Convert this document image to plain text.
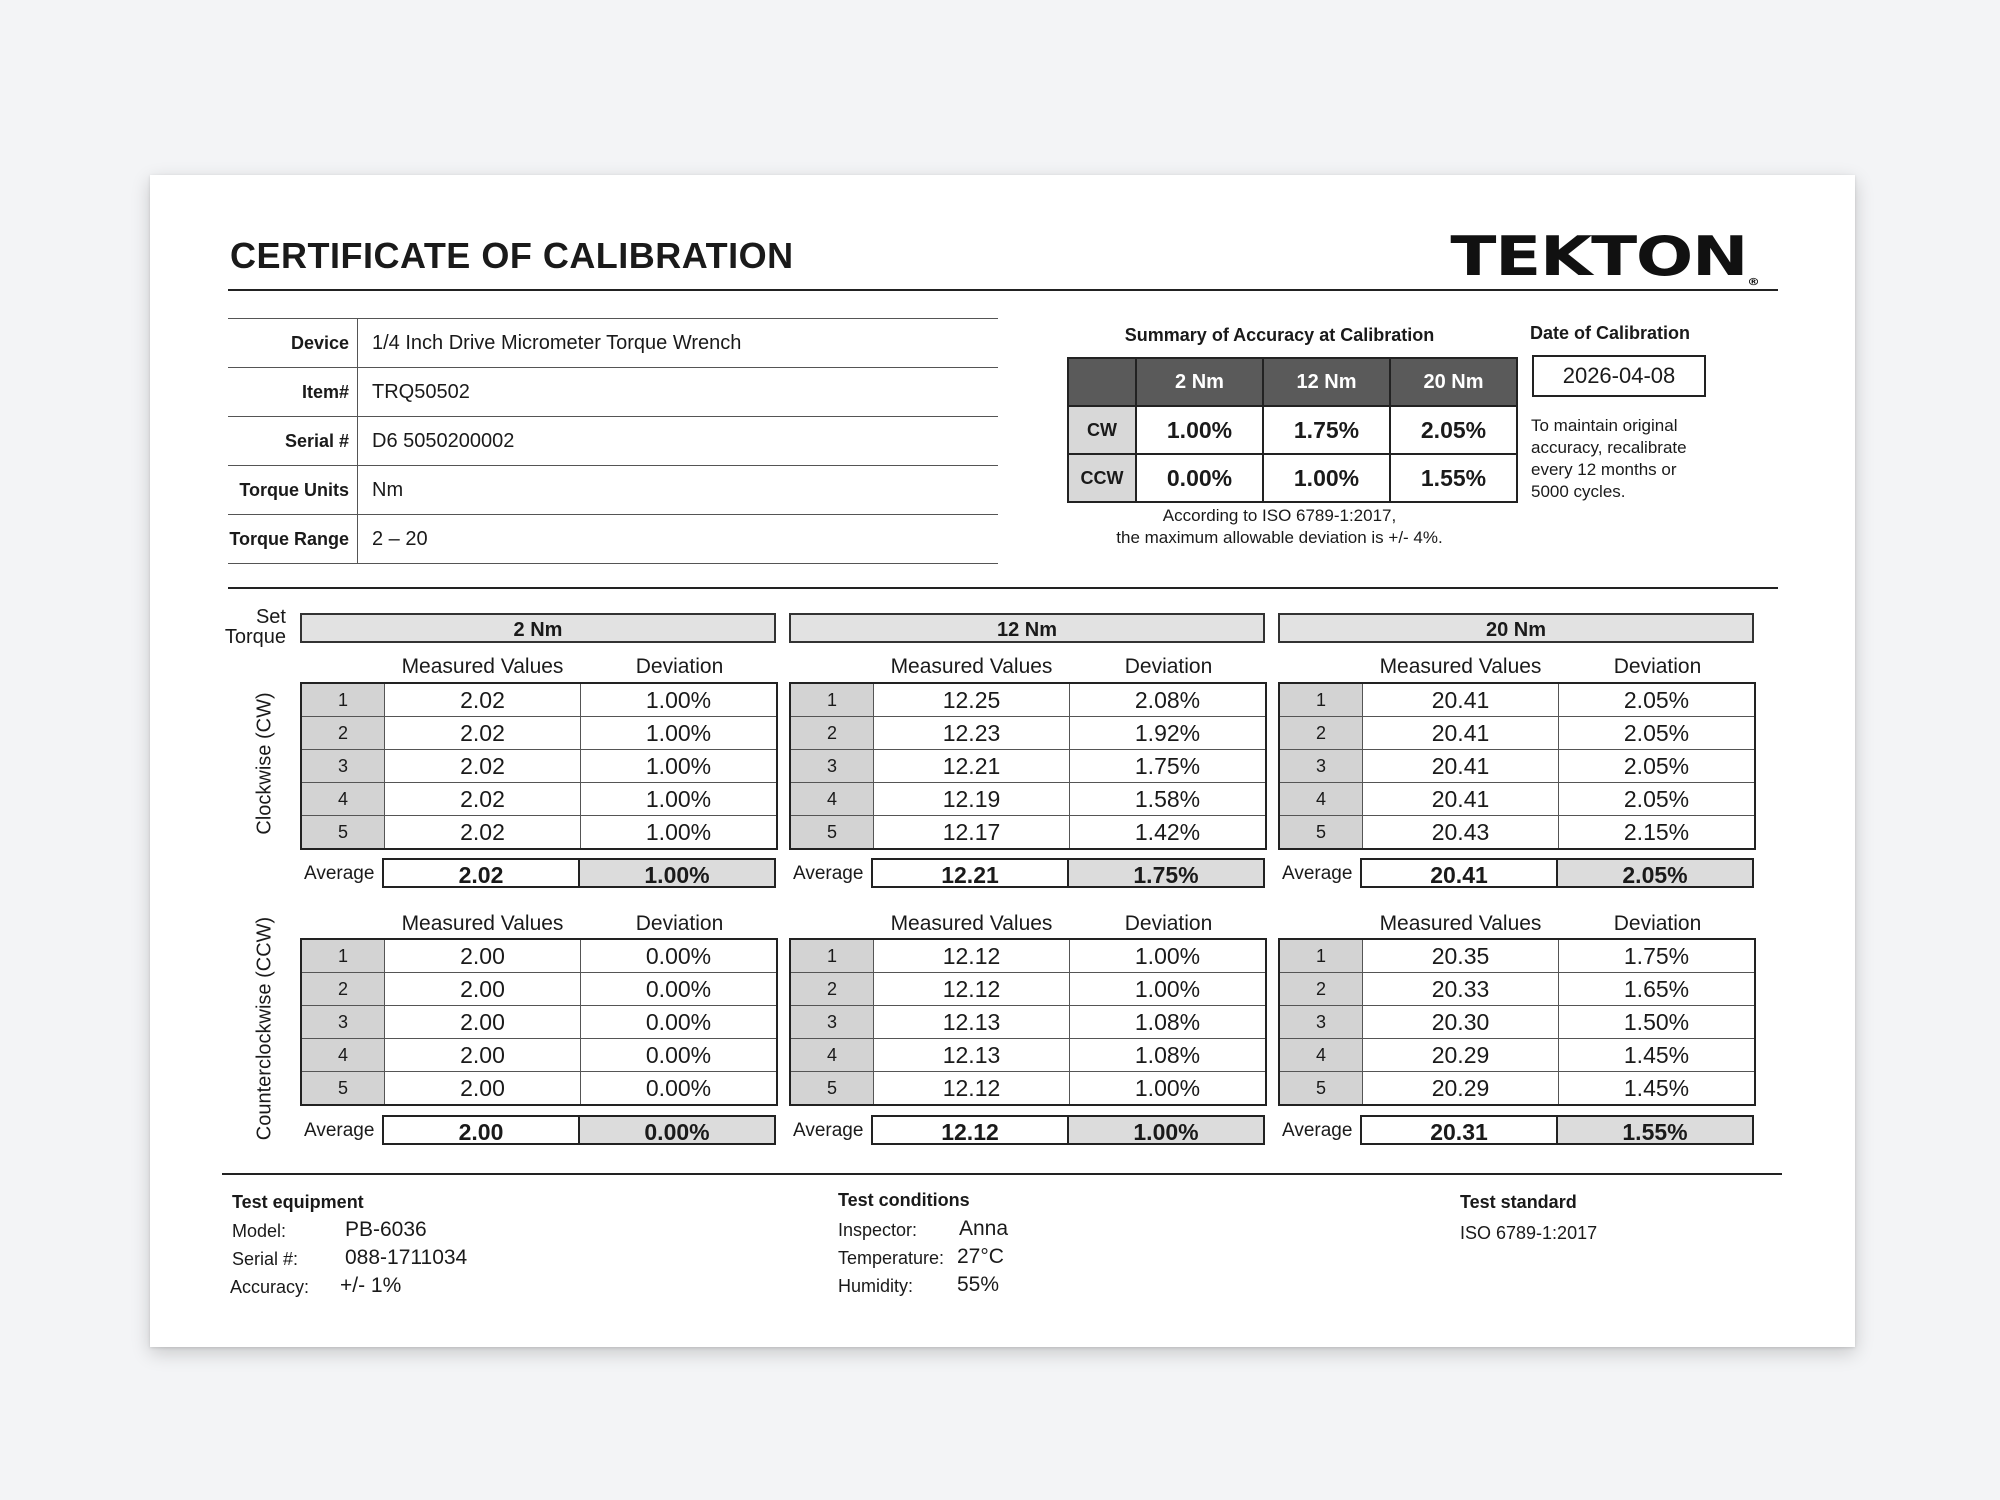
CERTIFICATE OF CALIBRATION	TEKTON®
Device	1/4 Inch Drive Micrometer Torque Wrench
Item#	TRQ50502
Serial #	D6 5050200002
Torque Units	Nm
Torque Range	2 – 20
Summary of Accuracy at Calibration
	2 Nm	12 Nm	20 Nm
CW	1.00%	1.75%	2.05%
CCW	0.00%	1.00%	1.55%
According to ISO 6789-1:2017,
the maximum allowable deviation is +/- 4%.
Date of Calibration
2026-04-08
To maintain original accuracy, recalibrate every 12 months or 5000 cycles.
Set
Torque	2 Nm	12 Nm	20 Nm
Measured Values	Deviation
1	2.02	1.00%
2	2.02	1.00%
3	2.02	1.00%
4	2.02	1.00%
5	2.02	1.00%
Average	2.02	1.00%
Measured Values	Deviation
1	12.25	2.08%
2	12.23	1.92%
3	12.21	1.75%
4	12.19	1.58%
5	12.17	1.42%
Average	12.21	1.75%
Measured Values	Deviation
1	20.41	2.05%
2	20.41	2.05%
3	20.41	2.05%
4	20.41	2.05%
5	20.43	2.15%
Average	20.41	2.05%
Measured Values	Deviation
1	2.00	0.00%
2	2.00	0.00%
3	2.00	0.00%
4	2.00	0.00%
5	2.00	0.00%
Average	2.00	0.00%
Measured Values	Deviation
1	12.12	1.00%
2	12.12	1.00%
3	12.13	1.08%
4	12.13	1.08%
5	12.12	1.00%
Average	12.12	1.00%
Measured Values	Deviation
1	20.35	1.75%
2	20.33	1.65%
3	20.30	1.50%
4	20.29	1.45%
5	20.29	1.45%
Average	20.31	1.55%
Clockwise (CW)
Counterclockwise (CCW)
Test equipment
Model:	PB-6036
Serial #: 088-1711034
Accuracy: +/- 1%
Test conditions
Inspector: Anna
Temperature: 27°C
Humidity: 55%
Test standard
ISO 6789-1:2017
